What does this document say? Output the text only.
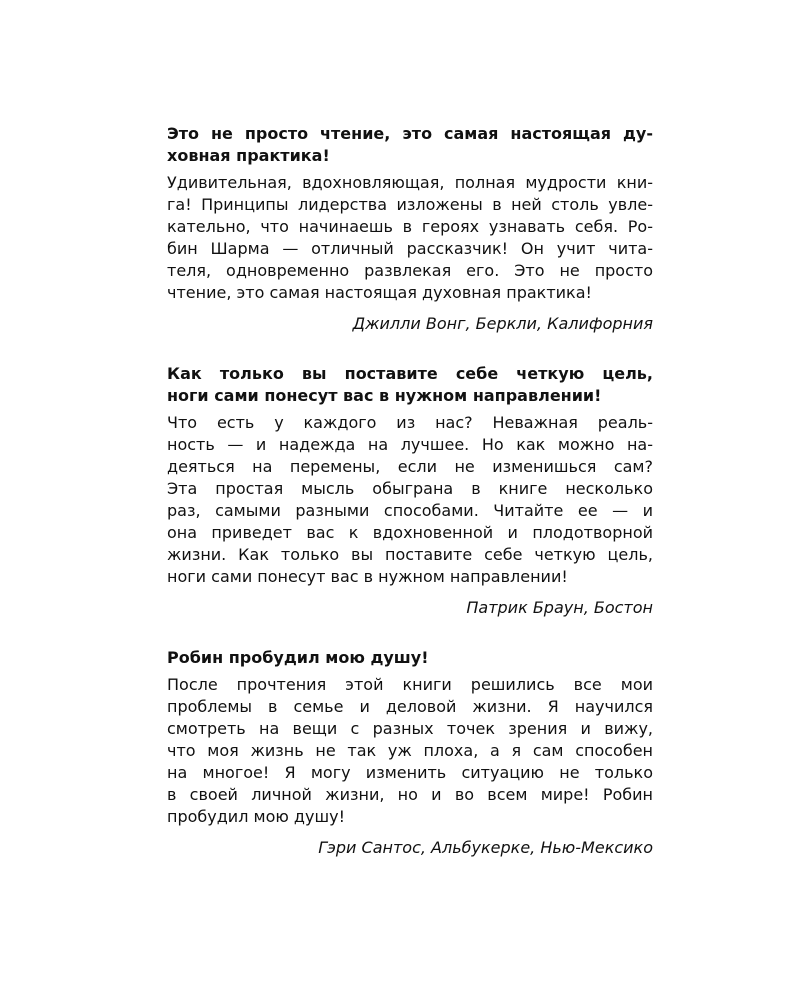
Это не просто чтение, это самая настоящая ду-
ховная практика!
Удивительная, вдохновляющая, полная мудрости кни-
га! Принципы лидерства изложены в ней столь увле-
кательно, что начинаешь в героях узнавать себя. Ро-
бин Шарма — отличный рассказчик! Он учит чита-
теля, одновременно развлекая его. Это не просто
чтение, это самая настоящая духовная практика!
Джилли Вонг, Беркли, Калифорния
Как только вы поставите себе четкую цель,
ноги сами понесут вас в нужном направлении!
Что есть у каждого из нас? Неважная реаль-
ность — и надежда на лучшее. Но как можно на-
деяться на перемены, если не изменишься сам?
Эта простая мысль обыграна в книге несколько
раз, самыми разными способами. Читайте ее — и
она приведет вас к вдохновенной и плодотворной
жизни. Как только вы поставите себе четкую цель,
ноги сами понесут вас в нужном направлении!
Патрик Браун, Бостон
Робин пробудил мою душу!
После прочтения этой книги решились все мои
проблемы в семье и деловой жизни. Я научился
смотреть на вещи с разных точек зрения и вижу,
что моя жизнь не так уж плоха, а я сам способен
на многое! Я могу изменить ситуацию не только
в своей личной жизни, но и во всем мире! Робин
пробудил мою душу!
Гэри Сантос, Альбукерке, Нью-Мексико
